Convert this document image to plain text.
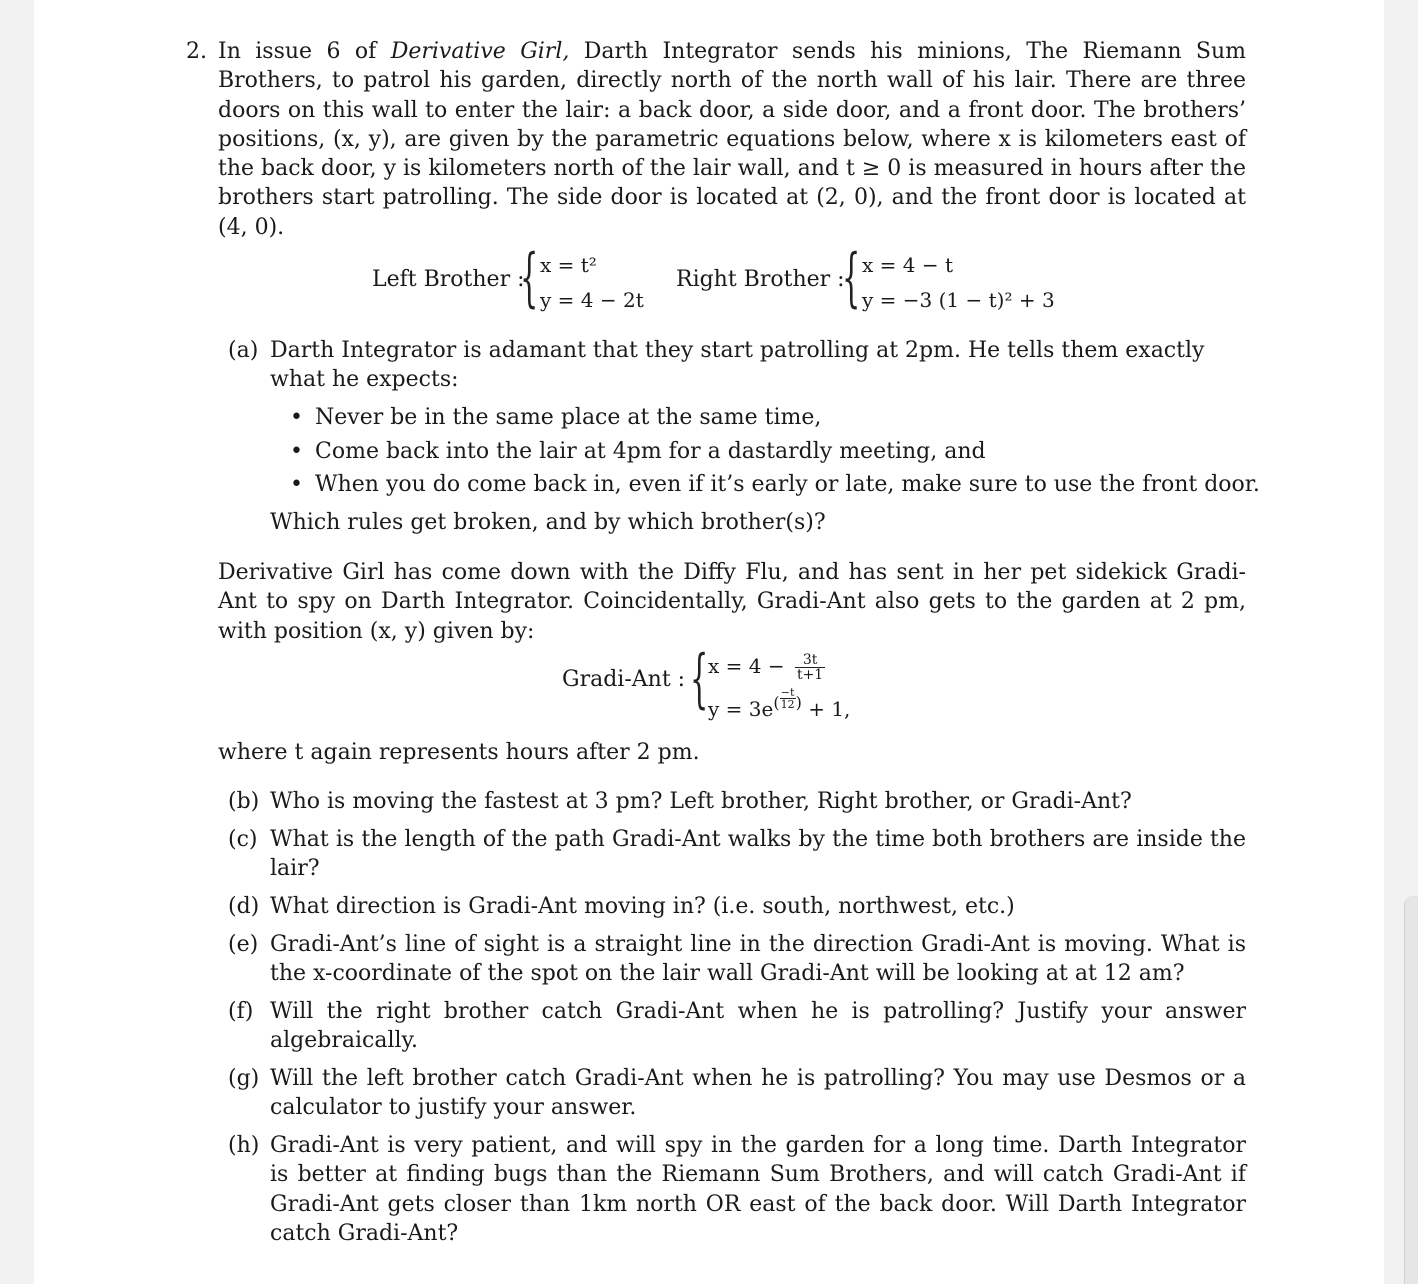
2. In issue 6 of Derivative Girl, Darth Integrator sends his minions, The Riemann Sum Brothers, to patrol his garden, directly north of the north wall of his lair. There are three doors on this wall to enter the lair: a back door, a side door, and a front door. The brothers’ positions, (x, y), are given by the parametric equations below, where x is kilometers east of the back door, y is kilometers north of the lair wall, and t ≥ 0 is measured in hours after the brothers start patrolling. The side door is located at (2, 0), and the front door is located at (4, 0).
Left Brother :
{ x = t²
y = 4 − 2t
Right Brother :
{ x = 4 − t
y = −3 (1 − t)² + 3
(a) Darth Integrator is adamant that they start patrolling at 2pm. He tells them exactly what he expects:
• Never be in the same place at the same time,
• Come back into the lair at 4pm for a dastardly meeting, and
• When you do come back in, even if it’s early or late, make sure to use the front door.
Which rules get broken, and by which brother(s)?
Derivative Girl has come down with the Diffy Flu, and has sent in her pet sidekick Gradi-Ant to spy on Darth Integrator. Coincidentally, Gradi-Ant also gets to the garden at 2 pm, with position (x, y) given by:
Gradi-Ant : { $x = 4 - \frac{3t}{t+1}$
$y = 3e^( \frac{-t}{12} ^) + 1$,
where t again represents hours after 2 pm.
(b) Who is moving the fastest at 3 pm? Left brother, Right brother, or Gradi-Ant?
(c) What is the length of the path Gradi-Ant walks by the time both brothers are inside the lair?
(d) What direction is Gradi-Ant moving in? (i.e. south, northwest, etc.)
(e) Gradi-Ant’s line of sight is a straight line in the direction Gradi-Ant is moving. What is the x-coordinate of the spot on the lair wall Gradi-Ant will be looking at at 12 am?
(f) Will the right brother catch Gradi-Ant when he is patrolling? Justify your answer algebraically.
(g) Will the left brother catch Gradi-Ant when he is patrolling? You may use Desmos or a calculator to justify your answer.
(h) Gradi-Ant is very patient, and will spy in the garden for a long time. Darth Integrator is better at finding bugs than the Riemann Sum Brothers, and will catch Gradi-Ant if Gradi-Ant gets closer than 1km north OR east of the back door. Will Darth Integrator catch Gradi-Ant?
